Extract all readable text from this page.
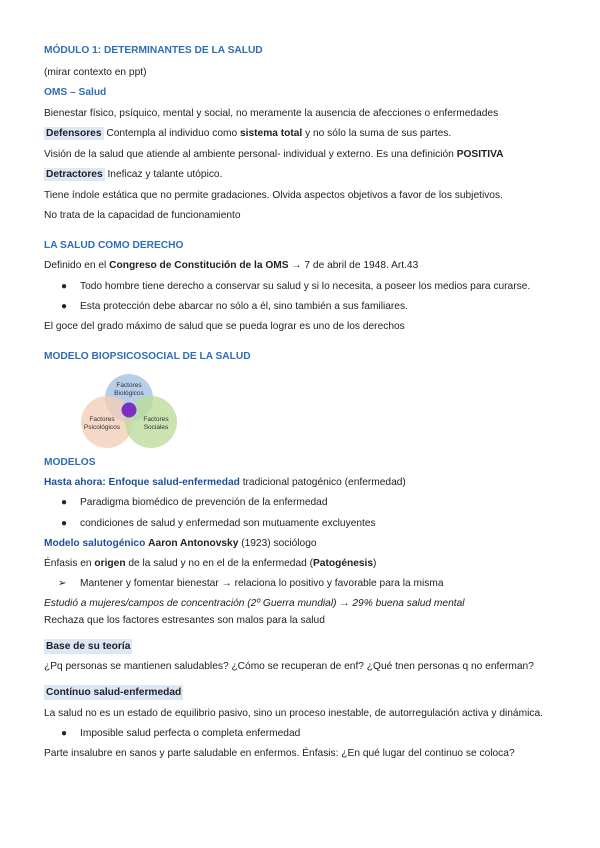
MÓDULO 1: DETERMINANTES DE LA SALUD
(mirar contexto en ppt)
OMS – Salud
Bienestar físico, psíquico, mental y social, no meramente la ausencia de afecciones o enfermedades
Defensores Contempla al individuo como sistema total y no sólo la suma de sus partes.
Visión de la salud que atiende al ambiente personal- individual y externo. Es una definición POSITIVA
Detractores Ineficaz y talante utópico.
Tiene índole estática que no permite gradaciones. Olvida aspectos objetivos a favor de los subjetivos.
No trata de la capacidad de funcionamiento
LA SALUD COMO DERECHO
Definido en el Congreso de Constitución de la OMS → 7 de abril de 1948. Art.43
● Todo hombre tiene derecho a conservar su salud y si lo necesita, a poseer los medios para curarse.
● Esta protección debe abarcar no sólo a él, sino también a sus familiares.
El goce del grado máximo de salud que se pueda lograr es uno de los derechos
MODELO BIOPSICOSOCIAL DE LA SALUD
Factores
Biológicos
Factores
Psicológicos
Factores
Sociales
MODELOS
Hasta ahora: Enfoque salud-enfermedad tradicional patogénico (enfermedad)
● Paradigma biomédico de prevención de la enfermedad
● condiciones de salud y enfermedad son mutuamente excluyentes
Modelo salutogénico Aaron Antonovsky (1923) sociólogo
Énfasis en origen de la salud y no en el de la enfermedad (Patogénesis)
➢ Mantener y fomentar bienestar → relaciona lo positivo y favorable para la misma
Estudió a mujeres/campos de concentración (2º Guerra mundial) → 29% buena salud mental
Rechaza que los factores estresantes son malos para la salud
Base de su teoría
¿Pq personas se mantienen saludables? ¿Cómo se recuperan de enf? ¿Qué tnen personas q no enferman?
Contínuo salud-enfermedad
La salud no es un estado de equilibrio pasivo, sino un proceso inestable, de autorregulación activa y dinámica.
● Imposible salud perfecta o completa enfermedad
Parte insalubre en sanos y parte saludable en enfermos. Énfasis: ¿En qué lugar del continuo se coloca?
